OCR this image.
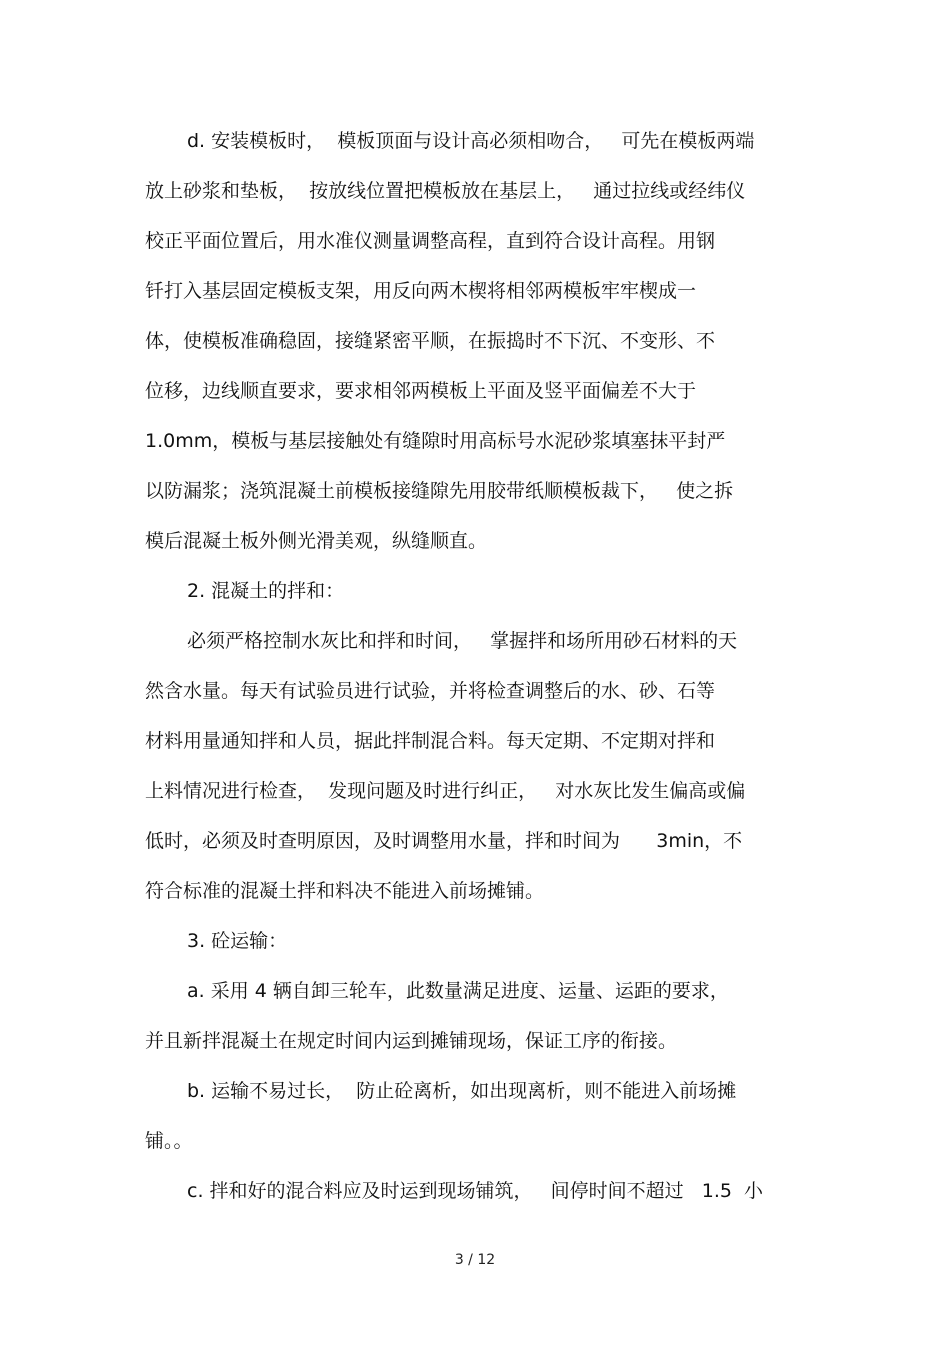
d. 安装模板时，  模板顶面与设计高必须相吻合，   可先在模板两端
放上砂浆和垫板，  按放线位置把模板放在基层上，   通过拉线或经纬仪
校正平面位置后，用水准仪测量调整高程，直到符合设计高程。用钢
钎打入基层固定模板支架，用反向两木楔将相邻两模板牢牢楔成一
体，使模板准确稳固，接缝紧密平顺，在振捣时不下沉、不变形、不
位移，边线顺直要求，要求相邻两模板上平面及竖平面偏差不大于
1.0mm，模板与基层接触处有缝隙时用高标号水泥砂浆填塞抹平封严
以防漏浆；浇筑混凝土前模板接缝隙先用胶带纸顺模板裁下，   使之拆
模后混凝土板外侧光滑美观，纵缝顺直。
2. 混凝土的拌和：
必须严格控制水灰比和拌和时间，   掌握拌和场所用砂石材料的天
然含水量。每天有试验员进行试验，并将检查调整后的水、砂、石等
材料用量通知拌和人员，据此拌制混合料。每天定期、不定期对拌和
上料情况进行检查，  发现问题及时进行纠正，   对水灰比发生偏高或偏
低时，必须及时查明原因，及时调整用水量，拌和时间为      3min，不
符合标准的混凝土拌和料决不能进入前场摊铺。
3. 砼运输：
a. 采用 4 辆自卸三轮车，此数量满足进度、运量、运距的要求，
并且新拌混凝土在规定时间内运到摊铺现场，保证工序的衔接。
b. 运输不易过长，  防止砼离析，如出现离析，则不能进入前场摊
铺。。
c. 拌和好的混合料应及时运到现场铺筑，   间停时间不超过   1.5  小
3 / 12
